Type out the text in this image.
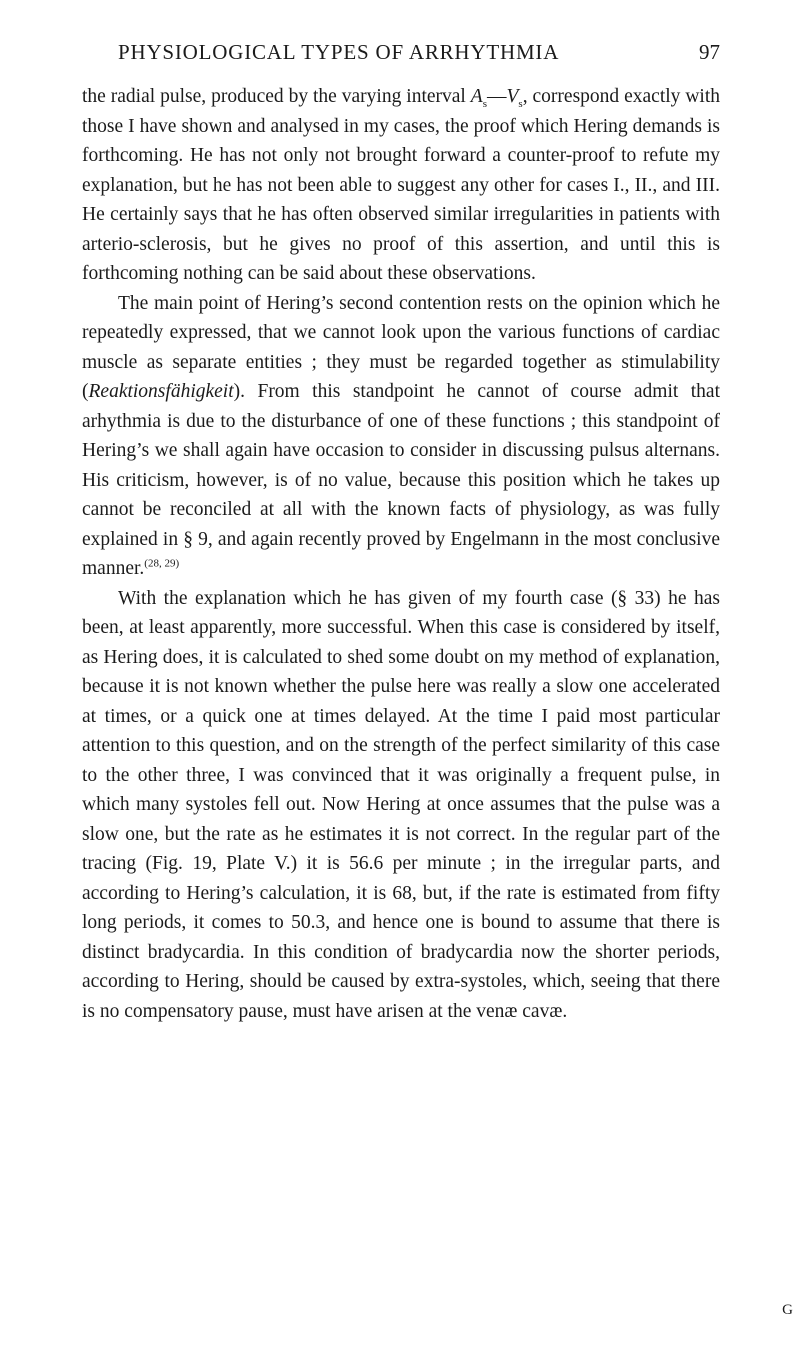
PHYSIOLOGICAL TYPES OF ARRHYTHMIA	97

the radial pulse, produced by the varying interval $A_s—V_s$, correspond exactly with those I have shown and analysed in my cases, the proof which Hering demands is forthcoming. He has not only not brought forward a counter-proof to refute my explanation, but he has not been able to suggest any other for cases I., II., and III. He certainly says that he has often observed similar irregularities in patients with arterio-sclerosis, but he gives no proof of this assertion, and until this is forthcoming nothing can be said about these observations.

The main point of Hering’s second contention rests on the opinion which he repeatedly expressed, that we cannot look upon the various functions of cardiac muscle as separate entities ; they must be regarded together as stimulability (Reaktionsfähigkeit). From this standpoint he cannot of course admit that arhythmia is due to the disturbance of one of these functions ; this standpoint of Hering’s we shall again have occasion to consider in discussing pulsus alternans. His criticism, however, is of no value, because this position which he takes up cannot be reconciled at all with the known facts of physiology, as was fully explained in § 9, and again recently proved by Engelmann in the most conclusive manner.$^{(28, 29)}$

With the explanation which he has given of my fourth case (§ 33) he has been, at least apparently, more successful. When this case is considered by itself, as Hering does, it is calculated to shed some doubt on my method of explanation, because it is not known whether the pulse here was really a slow one accelerated at times, or a quick one at times delayed. At the time I paid most particular attention to this question, and on the strength of the perfect similarity of this case to the other three, I was convinced that it was originally a frequent pulse, in which many systoles fell out. Now Hering at once assumes that the pulse was a slow one, but the rate as he estimates it is not correct. In the regular part of the tracing (Fig. 19, Plate V.) it is 56.6 per minute ; in the irregular parts, and according to Hering’s calculation, it is 68, but, if the rate is estimated from fifty long periods, it comes to 50.3, and hence one is bound to assume that there is distinct bradycardia. In this condition of bradycardia now the shorter periods, according to Hering, should be caused by extra-systoles, which, seeing that there is no compensatory pause, must have arisen at the venæ cavæ.

G
